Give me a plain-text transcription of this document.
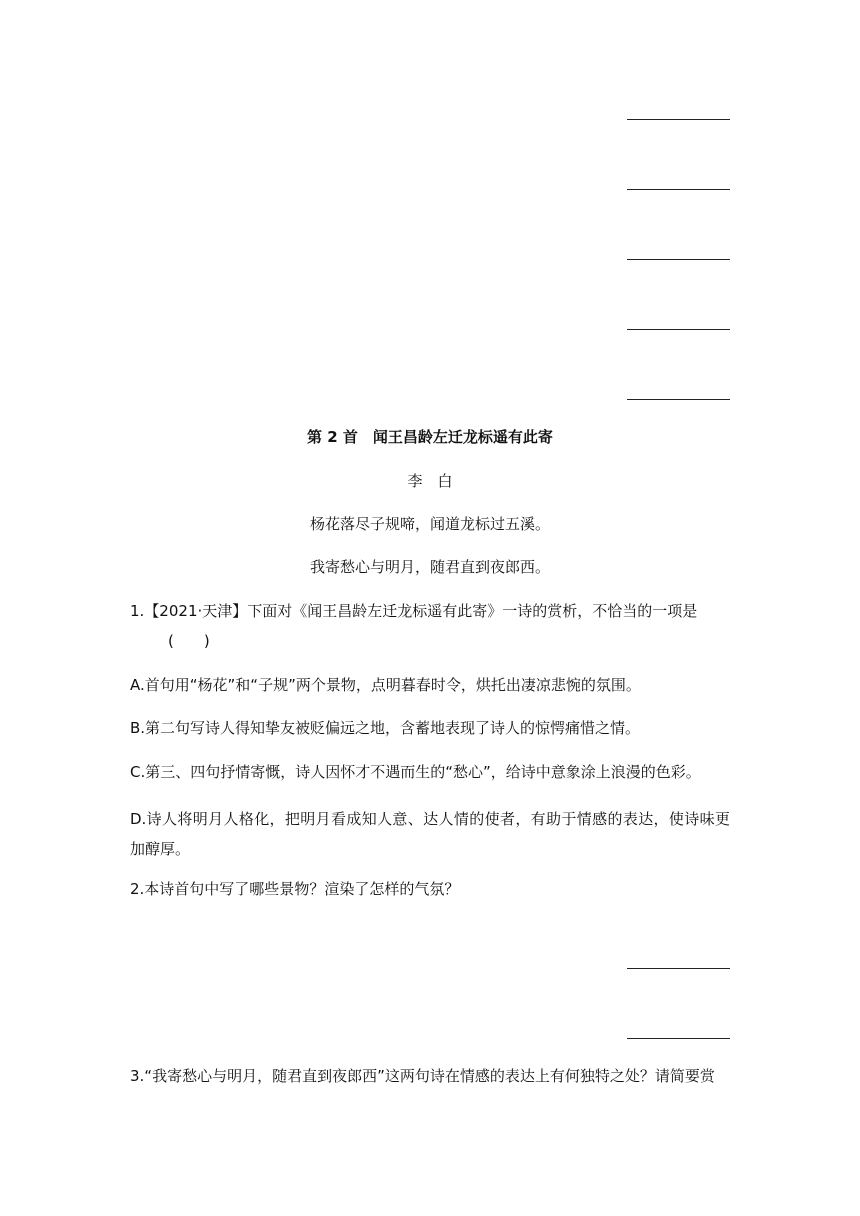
第 2 首　闻王昌龄左迁龙标遥有此寄
李　白
杨花落尽子规啼，闻道龙标过五溪。
我寄愁心与明月，随君直到夜郎西。
1.【2021·天津】下面对《闻王昌龄左迁龙标遥有此寄》一诗的赏析，不恰当的一项是
(　　)
A.首句用“杨花”和“子规”两个景物，点明暮春时令，烘托出凄凉悲惋的氛围。
B.第二句写诗人得知挚友被贬偏远之地，含蓄地表现了诗人的惊愕痛惜之情。
C.第三、四句抒情寄慨，诗人因怀才不遇而生的“愁心”，给诗中意象涂上浪漫的色彩。
D.诗人将明月人格化，把明月看成知人意、达人情的使者，有助于情感的表达，使诗味更加醇厚。
2.本诗首句中写了哪些景物？渲染了怎样的气氛？
3.“我寄愁心与明月，随君直到夜郎西”这两句诗在情感的表达上有何独特之处？请简要赏
